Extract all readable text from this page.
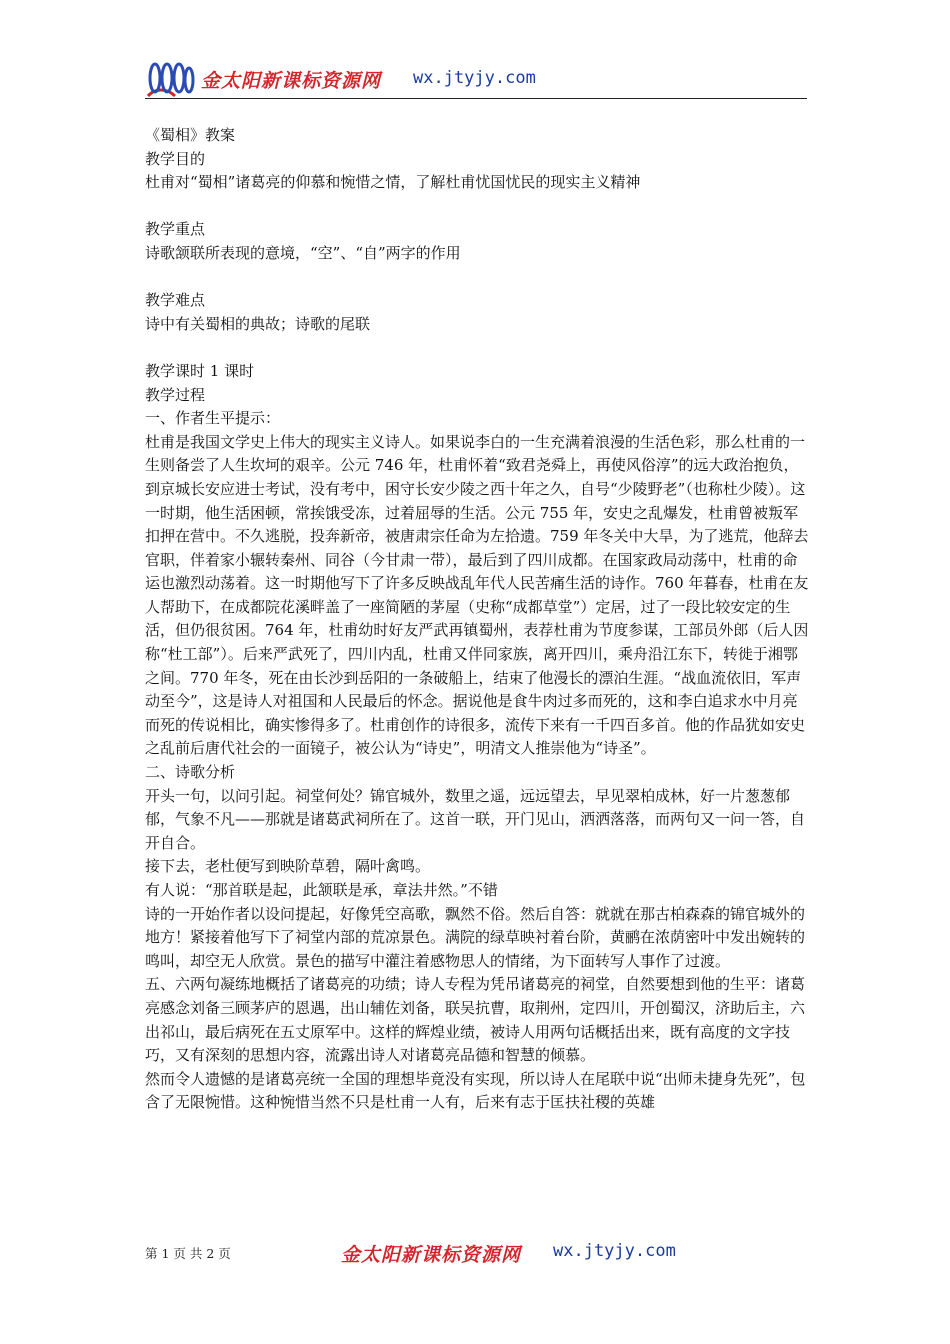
金太阳新课标资源网 wx.jtyjy.com

《蜀相》教案

教学目的

杜甫对“蜀相”诸葛亮的仰慕和惋惜之情，了解杜甫忧国忧民的现实主义精神

教学重点

诗歌颔联所表现的意境，“空”、“自”两字的作用

教学难点

诗中有关蜀相的典故；诗歌的尾联

教学课时 1 课时

教学过程

一、作者生平提示：

杜甫是我国文学史上伟大的现实主义诗人。如果说李白的一生充满着浪漫的生活色彩，那么杜甫的一生则备尝了人生坎坷的艰辛。公元 746 年，杜甫怀着“致君尧舜上，再使风俗淳”的远大政治抱负，到京城长安应进士考试，没有考中，困守长安少陵之西十年之久，自号“少陵野老”（也称杜少陵）。这一时期，他生活困顿，常挨饿受冻，过着屈辱的生活。公元 755 年，安史之乱爆发，杜甫曾被叛军扣押在营中。不久逃脱，投奔新帝，被唐肃宗任命为左拾遗。759 年冬关中大旱，为了逃荒，他辞去官职，伴着家小辗转秦州、同谷（今甘肃一带），最后到了四川成都。在国家政局动荡中，杜甫的命运也激烈动荡着。这一时期他写下了许多反映战乱年代人民苦痛生活的诗作。760 年暮春，杜甫在友人帮助下，在成都院花溪畔盖了一座简陋的茅屋（史称“成都草堂”）定居，过了一段比较安定的生活，但仍很贫困。764 年，杜甫幼时好友严武再镇蜀州，表荐杜甫为节度参谋，工部员外郎（后人因称“杜工部”）。后来严武死了，四川内乱，杜甫又伴同家族，离开四川，乘舟沿江东下，转徙于湘鄂之间。770 年冬，死在由长沙到岳阳的一条破船上，结束了他漫长的漂泊生涯。“战血流依旧，军声动至今”，这是诗人对祖国和人民最后的怀念。据说他是食牛肉过多而死的，这和李白追求水中月亮而死的传说相比，确实惨得多了。杜甫创作的诗很多，流传下来有一千四百多首。他的作品犹如安史之乱前后唐代社会的一面镜子，被公认为“诗史”，明清文人推崇他为“诗圣”。

二、诗歌分析

开头一句，以问引起。祠堂何处？锦官城外，数里之遥，远远望去，早见翠柏成林，好一片葱葱郁郁，气象不凡——那就是诸葛武祠所在了。这首一联，开门见山，洒洒落落，而两句又一问一答，自开自合。

接下去，老杜便写到映阶草碧，隔叶禽鸣。

有人说：“那首联是起，此颔联是承，章法井然。”不错

诗的一开始作者以设问提起，好像凭空高歌，飘然不俗。然后自答：就就在那古柏森森的锦官城外的地方！紧接着他写下了祠堂内部的荒凉景色。满院的绿草映衬着台阶，黄鹂在浓荫密叶中发出婉转的鸣叫，却空无人欣赏。景色的描写中灌注着感物思人的情绪，为下面转写人事作了过渡。

五、六两句凝练地概括了诸葛亮的功绩；诗人专程为凭吊诸葛亮的祠堂，自然要想到他的生平：诸葛亮感念刘备三顾茅庐的恩遇，出山辅佐刘备，联吴抗曹，取荆州，定四川，开创蜀汉，济助后主，六出祁山，最后病死在五丈原军中。这样的辉煌业绩，被诗人用两句话概括出来，既有高度的文字技巧，又有深刻的思想内容，流露出诗人对诸葛亮品德和智慧的倾慕。

然而令人遗憾的是诸葛亮统一全国的理想毕竟没有实现，所以诗人在尾联中说“出师未捷身先死”，包含了无限惋惜。这种惋惜当然不只是杜甫一人有，后来有志于匡扶社稷的英雄

第 1 页 共 2 页	金太阳新课标资源网 wx.jtyjy.com
